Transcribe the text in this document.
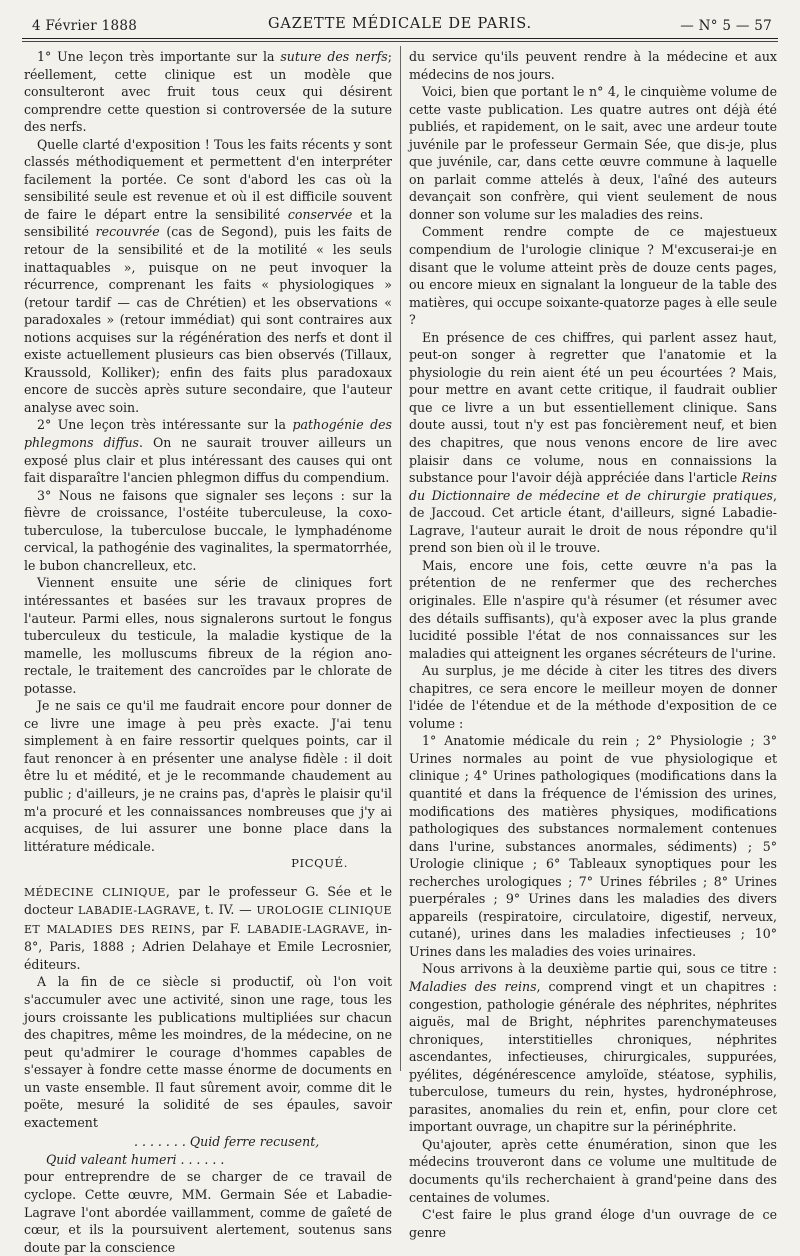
4 Février 1888	GAZETTE MÉDICALE DE PARIS.	— N° 5 — 57

1° Une leçon très importante sur la suture des nerfs; réellement, cette clinique est un modèle que consulteront avec fruit tous ceux qui désirent comprendre cette question si controversée de la suture des nerfs.

Quelle clarté d'exposition ! Tous les faits récents y sont classés méthodiquement et permettent d'en interpréter facilement la portée. Ce sont d'abord les cas où la sensibilité seule est revenue et où il est difficile souvent de faire le départ entre la sensibilité conservée et la sensibilité recouvrée (cas de Segond), puis les faits de retour de la sensibilité et de la motilité « les seuls inattaquables », puisque on ne peut invoquer la récurrence, comprenant les faits « physiologiques » (retour tardif — cas de Chrétien) et les observations « paradoxales » (retour immédiat) qui sont contraires aux notions acquises sur la régénération des nerfs et dont il existe actuellement plusieurs cas bien observés (Tillaux, Kraussold, Kolliker); enfin des faits plus paradoxaux encore de succès après suture secondaire, que l'auteur analyse avec soin.

2° Une leçon très intéressante sur la pathogénie des phlegmons diffus. On ne saurait trouver ailleurs un exposé plus clair et plus intéressant des causes qui ont fait disparaître l'ancien phlegmon diffus du compendium.

3° Nous ne faisons que signaler ses leçons : sur la fièvre de croissance, l'ostéite tuberculeuse, la coxo-tuberculose, la tuberculose buccale, le lymphadénome cervical, la pathogénie des vaginalites, la spermatorrhée, le bubon chancrelleux, etc.

Viennent ensuite une série de cliniques fort intéressantes et basées sur les travaux propres de l'auteur. Parmi elles, nous signalerons surtout le fongus tuberculeux du testicule, la maladie kystique de la mamelle, les molluscums fibreux de la région ano-rectale, le traitement des cancroïdes par le chlorate de potasse.

Je ne sais ce qu'il me faudrait encore pour donner de ce livre une image à peu près exacte. J'ai tenu simplement à en faire ressortir quelques points, car il faut renoncer à en présenter une analyse fidèle : il doit être lu et médité, et je le recommande chaudement au public ; d'ailleurs, je ne crains pas, d'après le plaisir qu'il m'a procuré et les connaissances nombreuses que j'y ai acquises, de lui assurer une bonne place dans la littérature médicale.

PICQUÉ.

MÉDECINE CLINIQUE, par le professeur G. Sée et le docteur LABADIE-LAGRAVE, t. IV. — UROLOGIE CLINIQUE ET MALADIES DES REINS, par F. LABADIE-LAGRAVE, in-8°, Paris, 1888 ; Adrien Delahaye et Emile Lecrosnier, éditeurs.

A la fin de ce siècle si productif, où l'on voit s'accumuler avec une activité, sinon une rage, tous les jours croissante les publications multipliées sur chacun des chapitres, même les moindres, de la médecine, on ne peut qu'admirer le courage d'hommes capables de s'essayer à fondre cette masse énorme de documents en un vaste ensemble. Il faut sûrement avoir, comme dit le poëte, mesuré la solidité de ses épaules, savoir exactement

. . . . . . . Quid ferre recusent,
Quid valeant humeri . . . . . .

pour entreprendre de se charger de ce travail de cyclope. Cette œuvre, MM. Germain Sée et Labadie-Lagrave l'ont abordée vaillamment, comme de gaîeté de cœur, et ils la poursuivent alertement, soutenus sans doute par la conscience

du service qu'ils peuvent rendre à la médecine et aux médecins de nos jours.

Voici, bien que portant le n° 4, le cinquième volume de cette vaste publication. Les quatre autres ont déjà été publiés, et rapidement, on le sait, avec une ardeur toute juvénile par le professeur Germain Sée, que dis-je, plus que juvénile, car, dans cette œuvre commune à laquelle on parlait comme attelés à deux, l'aîné des auteurs devançait son confrère, qui vient seulement de nous donner son volume sur les maladies des reins.

Comment rendre compte de ce majestueux compendium de l'urologie clinique ? M'excuserai-je en disant que le volume atteint près de douze cents pages, ou encore mieux en signalant la longueur de la table des matières, qui occupe soixante-quatorze pages à elle seule ?

En présence de ces chiffres, qui parlent assez haut, peut-on songer à regretter que l'anatomie et la physiologie du rein aient été un peu écourtées ? Mais, pour mettre en avant cette critique, il faudrait oublier que ce livre a un but essentiellement clinique. Sans doute aussi, tout n'y est pas foncièrement neuf, et bien des chapitres, que nous venons encore de lire avec plaisir dans ce volume, nous en connaissions la substance pour l'avoir déjà appréciée dans l'article Reins du Dictionnaire de médecine et de chirurgie pratiques, de Jaccoud. Cet article étant, d'ailleurs, signé Labadie-Lagrave, l'auteur aurait le droit de nous répondre qu'il prend son bien où il le trouve.

Mais, encore une fois, cette œuvre n'a pas la prétention de ne renfermer que des recherches originales. Elle n'aspire qu'à résumer (et résumer avec des détails suffisants), qu'à exposer avec la plus grande lucidité possible l'état de nos connaissances sur les maladies qui atteignent les organes sécréteurs de l'urine.

Au surplus, je me décide à citer les titres des divers chapitres, ce sera encore le meilleur moyen de donner l'idée de l'étendue et de la méthode d'exposition de ce volume :

1° Anatomie médicale du rein ; 2° Physiologie ; 3° Urines normales au point de vue physiologique et clinique ; 4° Urines pathologiques (modifications dans la quantité et dans la fréquence de l'émission des urines, modifications des matières physiques, modifications pathologiques des substances normalement contenues dans l'urine, substances anormales, sédiments) ; 5° Urologie clinique ; 6° Tableaux synoptiques pour les recherches urologiques ; 7° Urines fébriles ; 8° Urines puerpérales ; 9° Urines dans les maladies des divers appareils (respiratoire, circulatoire, digestif, nerveux, cutané), urines dans les maladies infectieuses ; 10° Urines dans les maladies des voies urinaires.

Nous arrivons à la deuxième partie qui, sous ce titre : Maladies des reins, comprend vingt et un chapitres : congestion, pathologie générale des néphrites, néphrites aiguës, mal de Bright, néphrites parenchymateuses chroniques, interstitielles chroniques, néphrites ascendantes, infectieuses, chirurgicales, suppurées, pyélites, dégénérescence amyloïde, stéatose, syphilis, tuberculose, tumeurs du rein, hystes, hydronéphrose, parasites, anomalies du rein et, enfin, pour clore cet important ouvrage, un chapitre sur la périnéphrite.

Qu'ajouter, après cette énumération, sinon que les médecins trouveront dans ce volume une multitude de documents qu'ils recherchaient à grand'peine dans des centaines de volumes.

C'est faire le plus grand éloge d'un ouvrage de ce genre
